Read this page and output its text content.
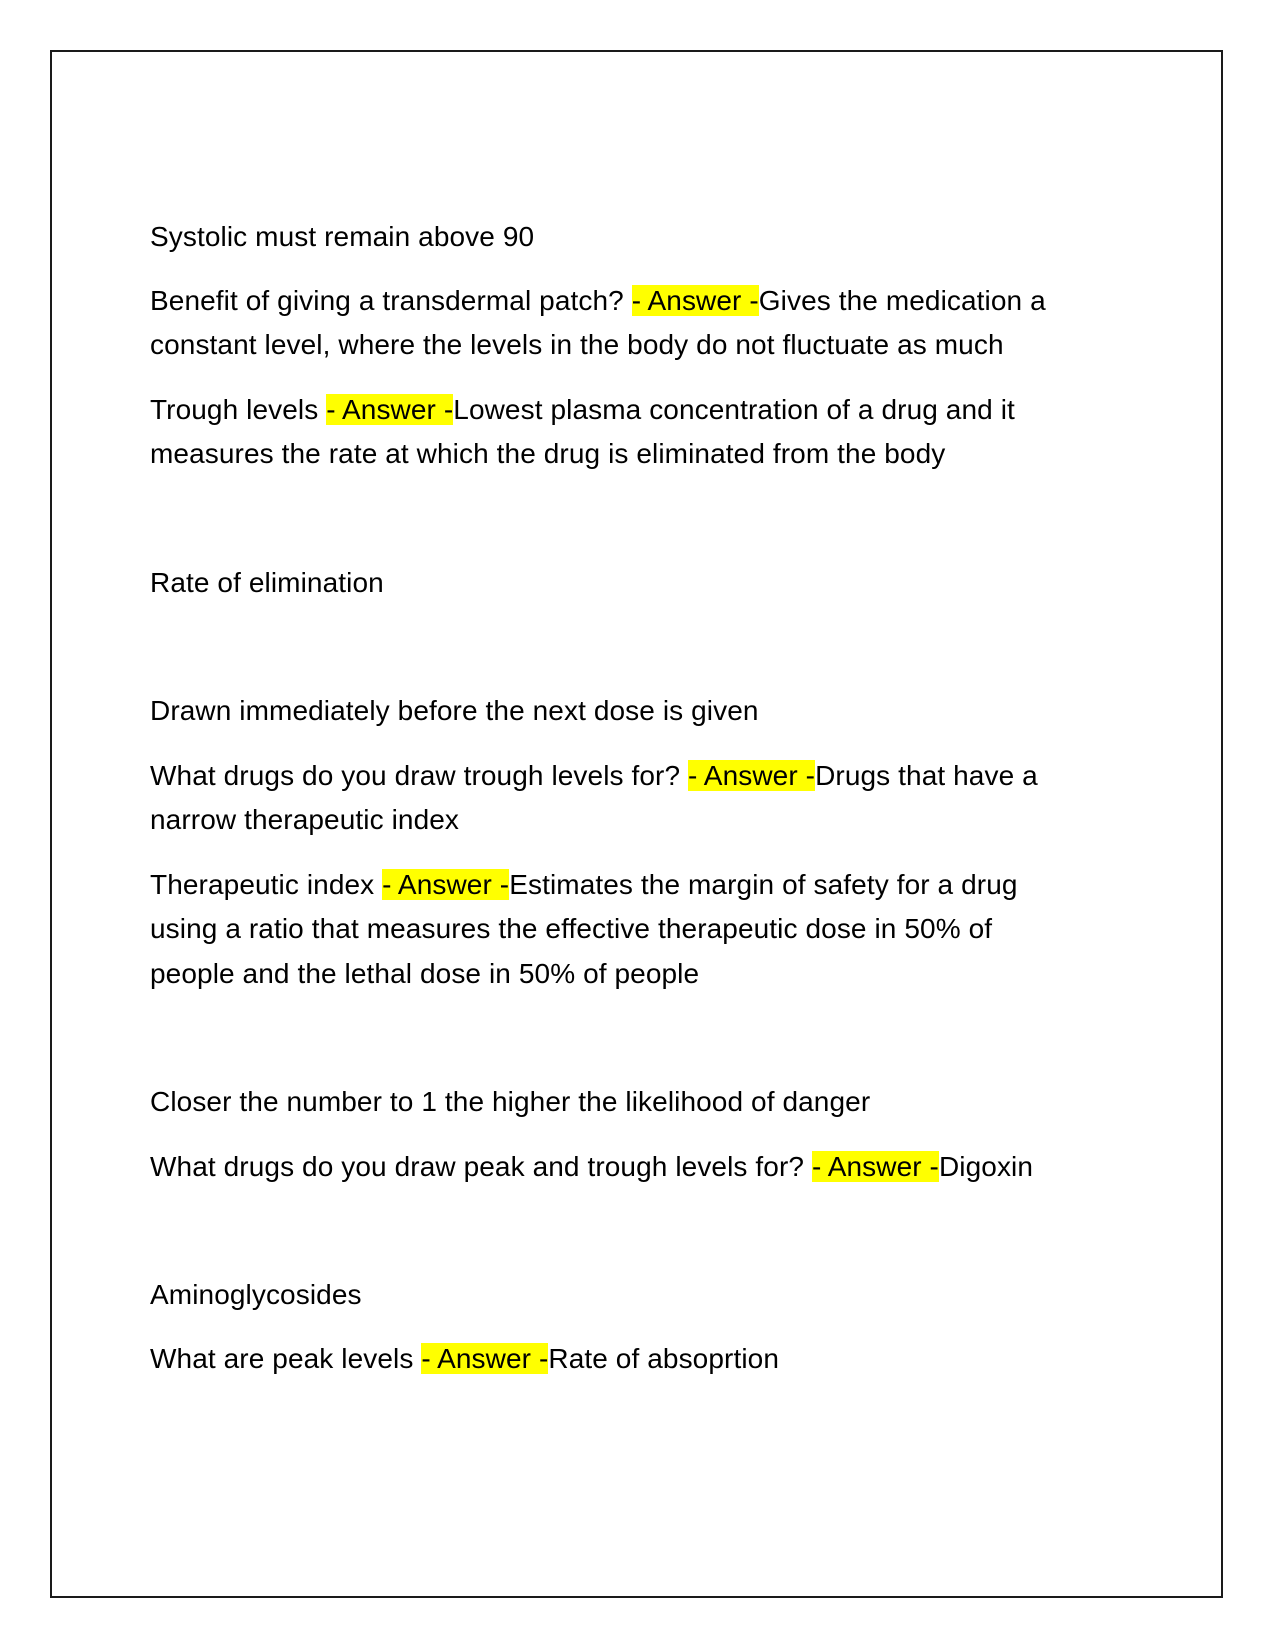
Systolic must remain above 90
Benefit of giving a transdermal patch? - Answer -Gives the medication a
constant level, where the levels in the body do not fluctuate as much
Trough levels - Answer -Lowest plasma concentration of a drug and it
measures the rate at which the drug is eliminated from the body
Rate of elimination
Drawn immediately before the next dose is given
What drugs do you draw trough levels for? - Answer -Drugs that have a
narrow therapeutic index
Therapeutic index - Answer -Estimates the margin of safety for a drug
using a ratio that measures the effective therapeutic dose in 50% of
people and the lethal dose in 50% of people
Closer the number to 1 the higher the likelihood of danger
What drugs do you draw peak and trough levels for? - Answer -Digoxin
Aminoglycosides
What are peak levels - Answer -Rate of absoprtion
